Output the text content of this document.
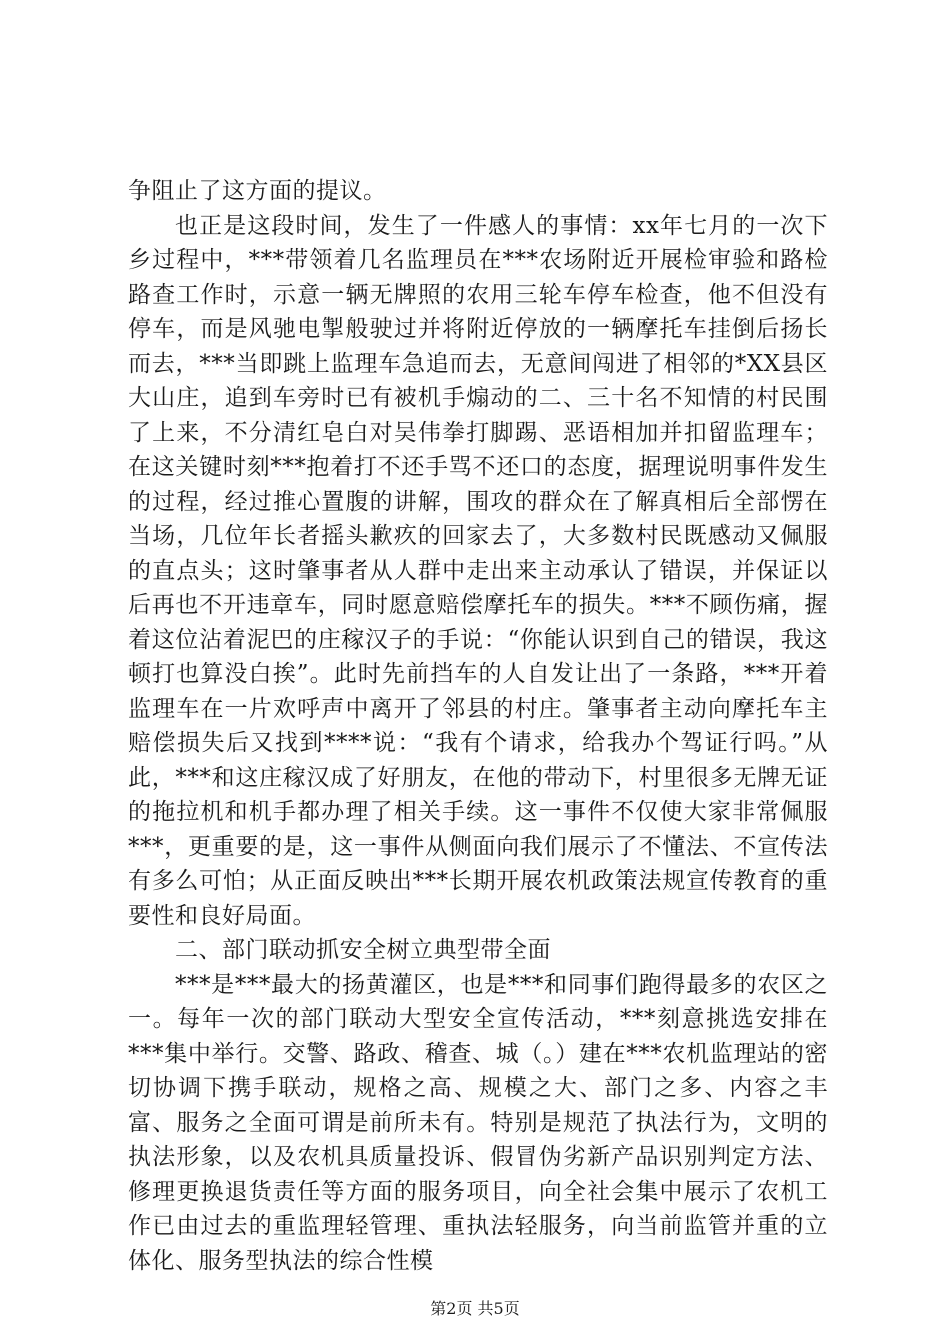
争阻止了这方面的提议。

也正是这段时间，发生了一件感人的事情：xx年七月的一次下乡过程中，***带领着几名监理员在***农场附近开展检审验和路检路查工作时，示意一辆无牌照的农用三轮车停车检查，他不但没有停车，而是风驰电掣般驶过并将附近停放的一辆摩托车挂倒后扬长而去，***当即跳上监理车急追而去，无意间闯进了相邻的*XX县区大山庄，追到车旁时已有被机手煽动的二、三十名不知情的村民围了上来，不分清红皂白对吴伟拳打脚踢、恶语相加并扣留监理车；在这关键时刻***抱着打不还手骂不还口的态度，据理说明事件发生的过程，经过推心置腹的讲解，围攻的群众在了解真相后全部愣在当场，几位年长者摇头歉疚的回家去了，大多数村民既感动又佩服的直点头；这时肇事者从人群中走出来主动承认了错误，并保证以后再也不开违章车，同时愿意赔偿摩托车的损失。***不顾伤痛，握着这位沾着泥巴的庄稼汉子的手说：“你能认识到自己的错误，我这顿打也算没白挨”。此时先前挡车的人自发让出了一条路，***开着监理车在一片欢呼声中离开了邻县的村庄。肇事者主动向摩托车主赔偿损失后又找到****说：“我有个请求，给我办个驾证行吗。”从此，***和这庄稼汉成了好朋友，在他的带动下，村里很多无牌无证的拖拉机和机手都办理了相关手续。这一事件不仅使大家非常佩服***，更重要的是，这一事件从侧面向我们展示了不懂法、不宣传法有多么可怕；从正面反映出***长期开展农机政策法规宣传教育的重要性和良好局面。

二、部门联动抓安全树立典型带全面

***是***最大的扬黄灌区，也是***和同事们跑得最多的农区之一。每年一次的部门联动大型安全宣传活动，***刻意挑选安排在***集中举行。交警、路政、稽查、城（。）建在***农机监理站的密切协调下携手联动，规格之高、规模之大、部门之多、内容之丰富、服务之全面可谓是前所未有。特别是规范了执法行为，文明的执法形象，以及农机具质量投诉、假冒伪劣新产品识别判定方法、修理更换退货责任等方面的服务项目，向全社会集中展示了农机工作已由过去的重监理轻管理、重执法轻服务，向当前监管并重的立体化、服务型执法的综合性模

第2页 共5页
